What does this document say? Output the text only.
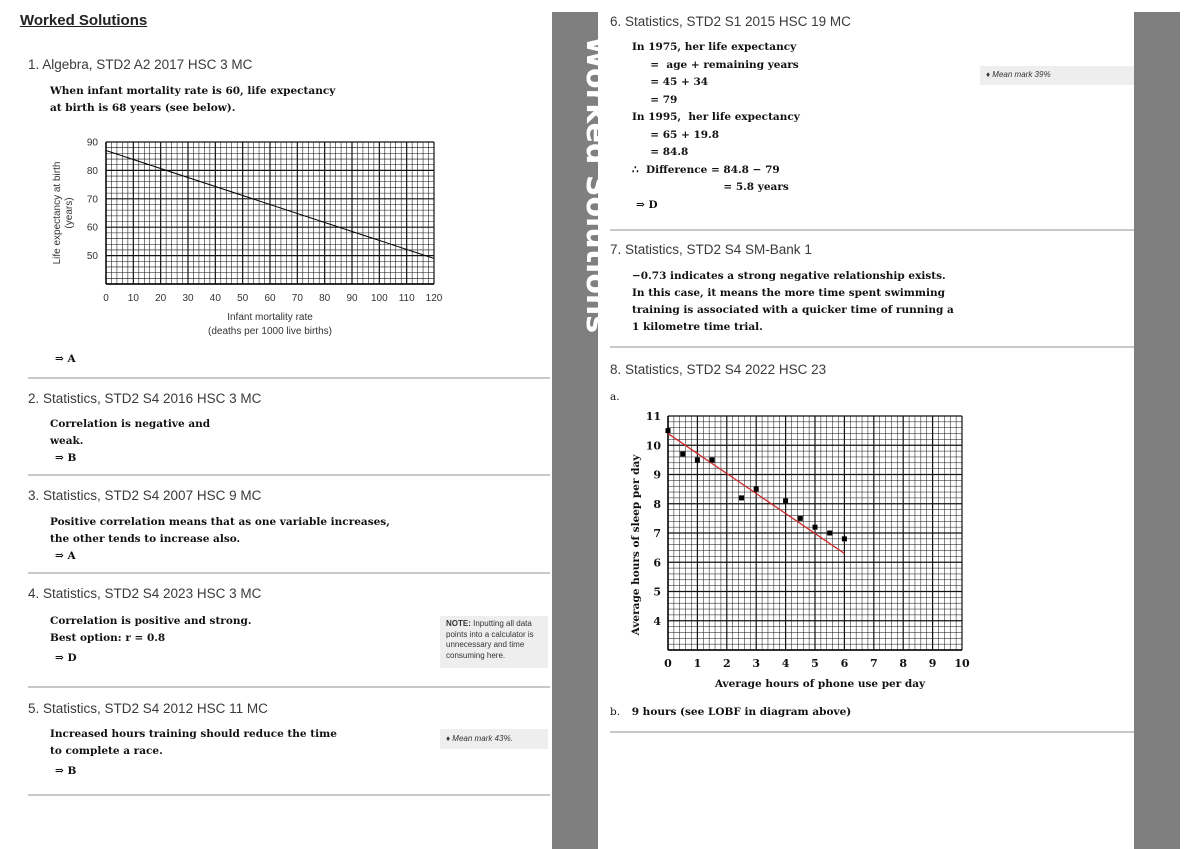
Worked Solutions
1. Algebra, STD2 A2 2017 HSC 3 MC
When infant mortality rate is 60, life expectancy
at birth is 68 years (see below).
0 10 20 30 40 50 60 70 80 90 100 110 120
50
60
70
80
90
Infant mortality rate
(deaths per 1000 live births)
Life expectancy at birth (years)
⇒ A
2. Statistics, STD2 S4 2016 HSC 3 MC
Correlation is negative and
weak.
⇒ B
3. Statistics, STD2 S4 2007 HSC 9 MC
Positive correlation means that as one variable increases,
the other tends to increase also.
⇒ A
4. Statistics, STD2 S4 2023 HSC 3 MC
Correlation is positive and strong.
Best option: r = 0.8
⇒ D
NOTE: Inputting all data
points into a calculator is
unnecessary and time
consuming here.
5. Statistics, STD2 S4 2012 HSC 11 MC
Increased hours training should reduce the time
to complete a race.
⇒ B
♦ Mean mark 43%.
Worked Solutions
6. Statistics, STD2 S1 2015 HSC 19 MC
In 1975, her life expectancy
=  age + remaining years
= 45 + 34
= 79
In 1995,  her life expectancy
= 65 + 19.8
= 84.8
∴  Difference = 84.8 − 79
= 5.8 years
⇒ D
♦ Mean mark 39%
7. Statistics, STD2 S4 SM-Bank 1
−0.73 indicates a strong negative relationship exists.
In this case, it means the more time spent swimming
training is associated with a quicker time of running a
1 kilometre time trial.
8. Statistics, STD2 S4 2022 HSC 23
a.
0 1 2 3 4 5 6 7 8 9 10
4
5
6
7
8
9
10
11
Average hours of phone use per day
Average hours of sleep per day
b. 9 hours (see LOBF in diagram above)
